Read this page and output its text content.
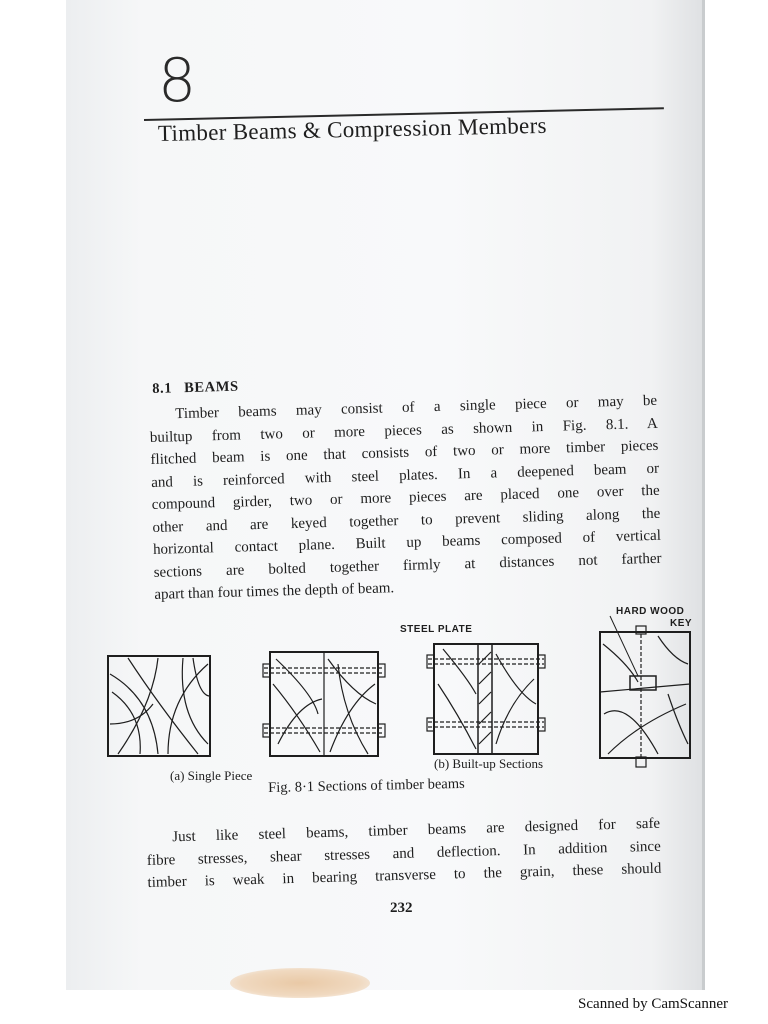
8
Timber Beams & Compression Members
8.1 BEAMS
Timber beams may consist of a single piece or may be
builtup from two or more pieces as shown in Fig. 8.1. A
flitched beam is one that consists of two or more timber pieces
and is reinforced with steel plates. In a deepened beam or
compound girder, two or more pieces are placed one over the
other and are keyed together to prevent sliding along the
horizontal contact plane. Built up beams composed of vertical
sections are bolted together firmly at distances not farther
apart than four times the depth of beam.
STEEL PLATE
HARD WOOD
KEY
(a) Single Piece
(b) Built-up Sections
Fig. 8·1 Sections of timber beams
Just like steel beams, timber beams are designed for safe
fibre stresses, shear stresses and deflection. In addition since
timber is weak in bearing transverse to the grain, these should
232
Scanned by CamScanner
